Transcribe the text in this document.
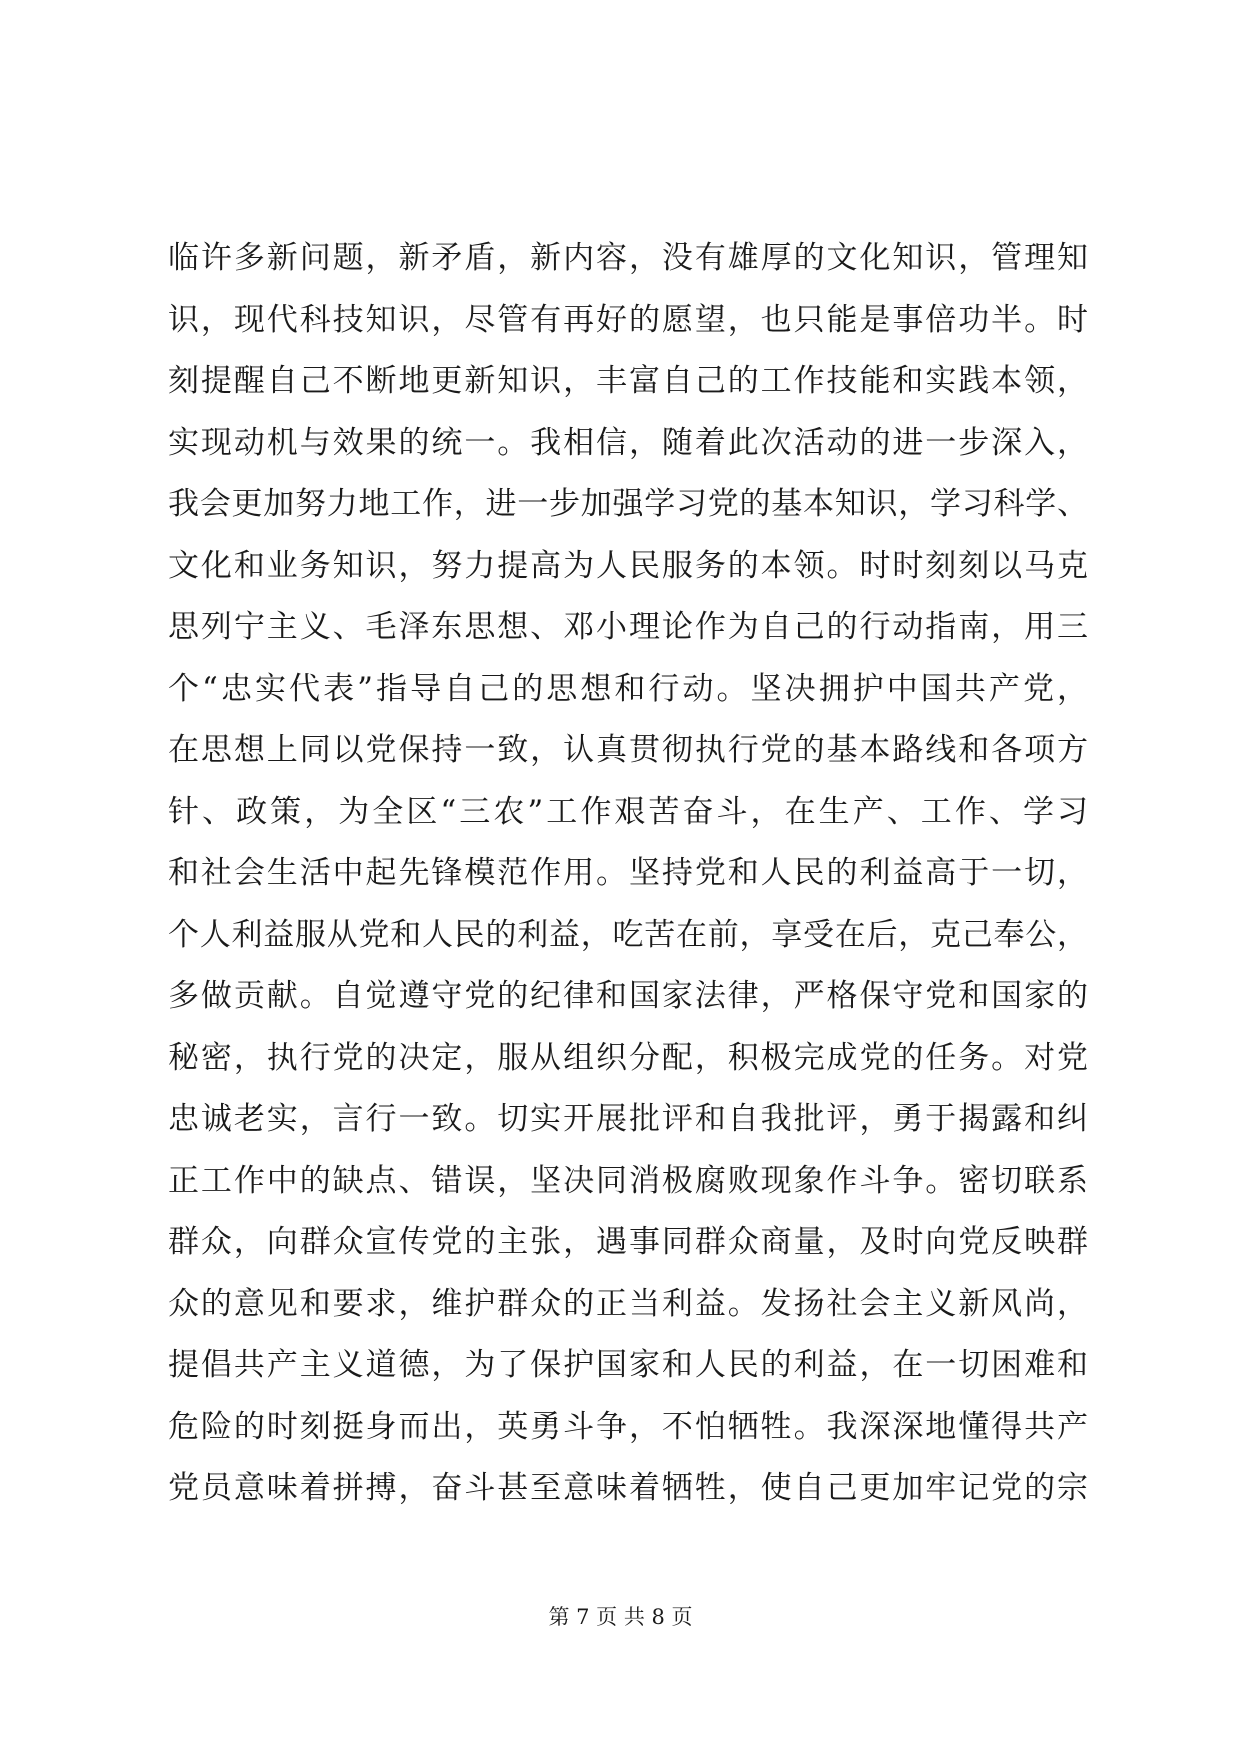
临许多新问题，新矛盾，新内容，没有雄厚的文化知识，管理知
识，现代科技知识，尽管有再好的愿望，也只能是事倍功半。时
刻提醒自己不断地更新知识，丰富自己的工作技能和实践本领，
实现动机与效果的统一。我相信，随着此次活动的进一步深入，
我会更加努力地工作，进一步加强学习党的基本知识，学习科学、
文化和业务知识，努力提高为人民服务的本领。时时刻刻以马克
思列宁主义、毛泽东思想、邓小理论作为自己的行动指南，用三
个“忠实代表”指导自己的思想和行动。坚决拥护中国共产党，
在思想上同以党保持一致，认真贯彻执行党的基本路线和各项方
针、政策，为全区“三农”工作艰苦奋斗，在生产、工作、学习
和社会生活中起先锋模范作用。坚持党和人民的利益高于一切，
个人利益服从党和人民的利益，吃苦在前，享受在后，克己奉公，
多做贡献。自觉遵守党的纪律和国家法律，严格保守党和国家的
秘密，执行党的决定，服从组织分配，积极完成党的任务。对党
忠诚老实，言行一致。切实开展批评和自我批评，勇于揭露和纠
正工作中的缺点、错误，坚决同消极腐败现象作斗争。密切联系
群众，向群众宣传党的主张，遇事同群众商量，及时向党反映群
众的意见和要求，维护群众的正当利益。发扬社会主义新风尚，
提倡共产主义道德，为了保护国家和人民的利益，在一切困难和
危险的时刻挺身而出，英勇斗争，不怕牺牲。我深深地懂得共产
党员意味着拼搏，奋斗甚至意味着牺牲，使自己更加牢记党的宗
第 7 页 共 8 页
